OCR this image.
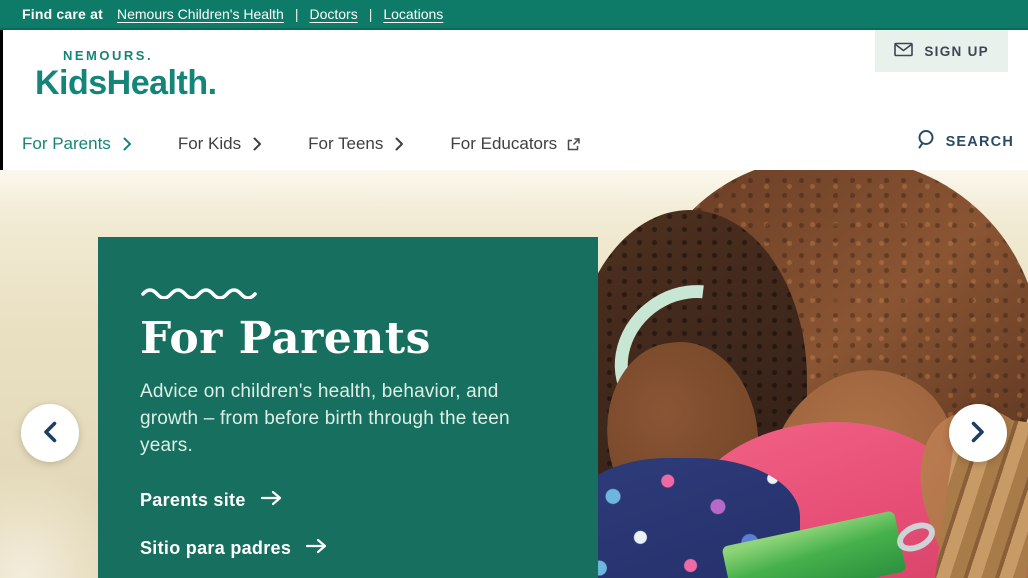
Find care at Nemours Children's Health | Doctors | Locations
NEMOURS.
KidsHealth.
SIGN UP
For Parents	For Kids	For Teens	For Educators	SEARCH
For Parents

Advice on children's health, behavior, and growth – from before birth through the teen years.

Parents site
Sitio para padres
